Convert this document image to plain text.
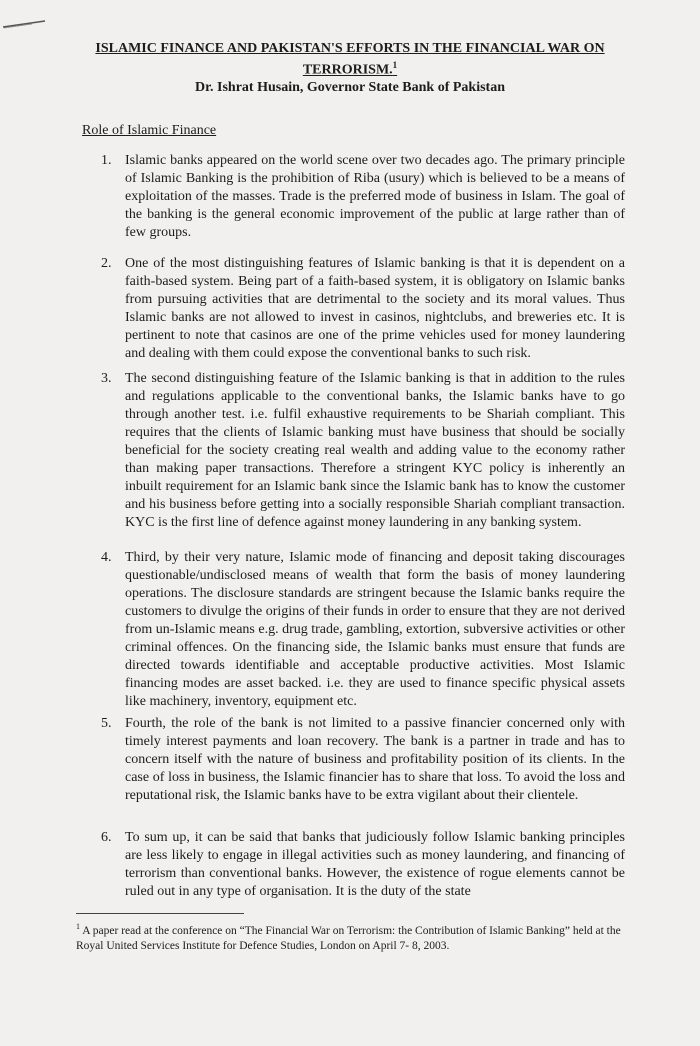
ISLAMIC FINANCE AND PAKISTAN'S EFFORTS IN THE FINANCIAL WAR ON
TERRORISM.$^1$
Dr. Ishrat Husain, Governor State Bank of Pakistan
Role of Islamic Finance
1. Islamic banks appeared on the world scene over two decades ago. The primary principle of Islamic Banking is the prohibition of Riba (usury) which is believed to be a means of exploitation of the masses. Trade is the preferred mode of business in Islam. The goal of the banking is the general economic improvement of the public at large rather than of few groups.
2. One of the most distinguishing features of Islamic banking is that it is dependent on a faith-based system. Being part of a faith-based system, it is obligatory on Islamic banks from pursuing activities that are detrimental to the society and its moral values. Thus Islamic banks are not allowed to invest in casinos, nightclubs, and breweries etc. It is pertinent to note that casinos are one of the prime vehicles used for money laundering and dealing with them could expose the conventional banks to such risk.
3. The second distinguishing feature of the Islamic banking is that in addition to the rules and regulations applicable to the conventional banks, the Islamic banks have to go through another test. i.e. fulfil exhaustive requirements to be Shariah compliant. This requires that the clients of Islamic banking must have business that should be socially beneficial for the society creating real wealth and adding value to the economy rather than making paper transactions. Therefore a stringent KYC policy is inherently an inbuilt requirement for an Islamic bank since the Islamic bank has to know the customer and his business before getting into a socially responsible Shariah compliant transaction. KYC is the first line of defence against money laundering in any banking system.
4. Third, by their very nature, Islamic mode of financing and deposit taking discourages questionable/undisclosed means of wealth that form the basis of money laundering operations. The disclosure standards are stringent because the Islamic banks require the customers to divulge the origins of their funds in order to ensure that they are not derived from un-Islamic means e.g. drug trade, gambling, extortion, subversive activities or other criminal offences. On the financing side, the Islamic banks must ensure that funds are directed towards identifiable and acceptable productive activities. Most Islamic financing modes are asset backed. i.e. they are used to finance specific physical assets like machinery, inventory, equipment etc.
5. Fourth, the role of the bank is not limited to a passive financier concerned only with timely interest payments and loan recovery. The bank is a partner in trade and has to concern itself with the nature of business and profitability position of its clients. In the case of loss in business, the Islamic financier has to share that loss. To avoid the loss and reputational risk, the Islamic banks have to be extra vigilant about their clientele.
6. To sum up, it can be said that banks that judiciously follow Islamic banking principles are less likely to engage in illegal activities such as money laundering, and financing of terrorism than conventional banks. However, the existence of rogue elements cannot be ruled out in any type of organisation. It is the duty of the state
$^1$ A paper read at the conference on “The Financial War on Terrorism: the Contribution of Islamic Banking” held at the Royal United Services Institute for Defence Studies, London on April 7- 8, 2003.
